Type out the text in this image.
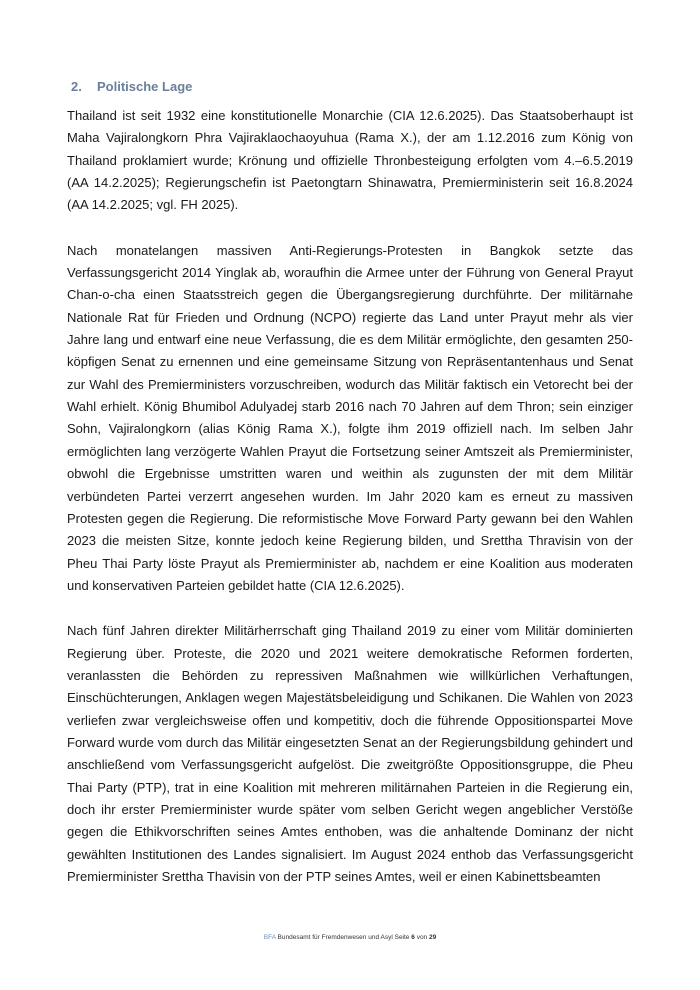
2. Politische Lage

Thailand ist seit 1932 eine konstitutionelle Monarchie (CIA 12.6.2025). Das Staatsoberhaupt ist Maha Vajiralongkorn Phra Vajiraklaochaoyuhua (Rama X.), der am 1.12.2016 zum König von Thailand proklamiert wurde; Krönung und offizielle Thronbesteigung erfolgten vom 4.–6.5.2019 (AA 14.2.2025); Regierungschefin ist Paetongtarn Shinawatra, Premierministerin seit 16.8.2024 (AA 14.2.2025; vgl. FH 2025).

Nach monatelangen massiven Anti-Regierungs-Protesten in Bangkok setzte das Verfassungsgericht 2014 Yinglak ab, woraufhin die Armee unter der Führung von General Prayut Chan-o-cha einen Staatsstreich gegen die Übergangsregierung durchführte. Der militärnahe Nationale Rat für Frieden und Ordnung (NCPO) regierte das Land unter Prayut mehr als vier Jahre lang und entwarf eine neue Verfassung, die es dem Militär ermöglichte, den gesamten 250-köpfigen Senat zu ernennen und eine gemeinsame Sitzung von Repräsentantenhaus und Senat zur Wahl des Premierministers vorzuschreiben, wodurch das Militär faktisch ein Vetorecht bei der Wahl erhielt. König Bhumibol Adulyadej starb 2016 nach 70 Jahren auf dem Thron; sein einziger Sohn, Vajiralongkorn (alias König Rama X.), folgte ihm 2019 offiziell nach. Im selben Jahr ermöglichten lang verzögerte Wahlen Prayut die Fortsetzung seiner Amtszeit als Premierminister, obwohl die Ergebnisse umstritten waren und weithin als zugunsten der mit dem Militär verbündeten Partei verzerrt angesehen wurden. Im Jahr 2020 kam es erneut zu massiven Protesten gegen die Regierung. Die reformistische Move Forward Party gewann bei den Wahlen 2023 die meisten Sitze, konnte jedoch keine Regierung bilden, und Srettha Thravisin von der Pheu Thai Party löste Prayut als Premierminister ab, nachdem er eine Koalition aus moderaten und konservativen Parteien gebildet hatte (CIA 12.6.2025).

Nach fünf Jahren direkter Militärherrschaft ging Thailand 2019 zu einer vom Militär dominierten Regierung über. Proteste, die 2020 und 2021 weitere demokratische Reformen forderten, veranlassten die Behörden zu repressiven Maßnahmen wie willkürlichen Verhaftungen, Einschüchterungen, Anklagen wegen Majestätsbeleidigung und Schikanen. Die Wahlen von 2023 verliefen zwar vergleichsweise offen und kompetitiv, doch die führende Oppositionspartei Move Forward wurde vom durch das Militär eingesetzten Senat an der Regierungsbildung gehindert und anschließend vom Verfassungsgericht aufgelöst. Die zweitgrößte Oppositionsgruppe, die Pheu Thai Party (PTP), trat in eine Koalition mit mehreren militärnahen Parteien in die Regierung ein, doch ihr erster Premierminister wurde später vom selben Gericht wegen angeblicher Verstöße gegen die Ethikvorschriften seines Amtes enthoben, was die anhaltende Dominanz der nicht gewählten Institutionen des Landes signalisiert. Im August 2024 enthob das Verfassungsgericht Premierminister Srettha Thavisin von der PTP seines Amtes, weil er einen Kabinettsbeamten

BFA Bundesamt für Fremdenwesen und Asyl Seite 6 von 29
